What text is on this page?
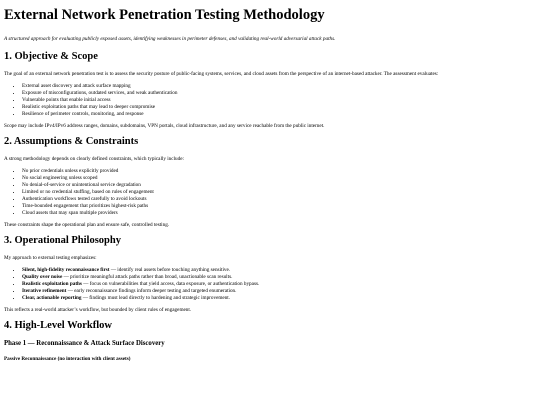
External Network Penetration Testing Methodology

A structured approach for evaluating publicly exposed assets, identifying weaknesses in perimeter defenses, and validating real-world adversarial attack paths.

1. Objective & Scope

The goal of an external network penetration test is to assess the security posture of public-facing systems, services, and cloud assets from the perspective of an internet-based attacker. The assessment evaluates:

• External asset discovery and attack surface mapping
• Exposure of misconfigurations, outdated services, and weak authentication
• Vulnerable points that enable initial access
• Realistic exploitation paths that may lead to deeper compromise
• Resilience of perimeter controls, monitoring, and response

Scope may include IPv4/IPv6 address ranges, domains, subdomains, VPN portals, cloud infrastructure, and any service reachable from the public internet.

2. Assumptions & Constraints

A strong methodology depends on clearly defined constraints, which typically include:

• No prior credentials unless explicitly provided
• No social engineering unless scoped
• No denial-of-service or unintentional service degradation
• Limited or no credential stuffing, based on rules of engagement
• Authentication workflows tested carefully to avoid lockouts
• Time-bounded engagement that prioritizes highest-risk paths
• Cloud assets that may span multiple providers

These constraints shape the operational plan and ensure safe, controlled testing.

3. Operational Philosophy

My approach to external testing emphasizes:

• Silent, high-fidelity reconnaissance first — identify real assets before touching anything sensitive.
• Quality over noise — prioritize meaningful attack paths rather than broad, unactionable scan results.
• Realistic exploitation paths — focus on vulnerabilities that yield access, data exposure, or authentication bypass.
• Iterative refinement — early reconnaissance findings inform deeper testing and targeted enumeration.
• Clear, actionable reporting — findings must lead directly to hardening and strategic improvement.

This reflects a real-world attacker’s workflow, but bounded by client rules of engagement.

4. High-Level Workflow
Phase 1 — Reconnaissance & Attack Surface Discovery
Passive Reconnaissance (no interaction with client assets)
